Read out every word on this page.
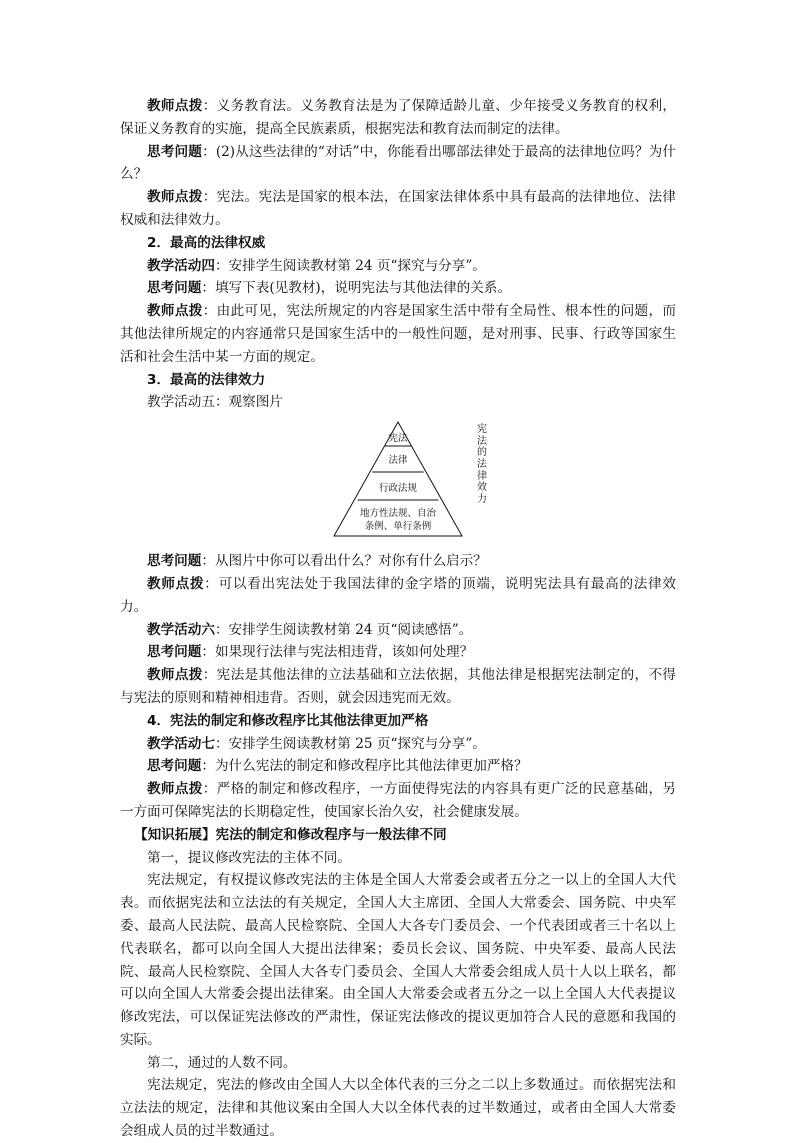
教师点拨：义务教育法。义务教育法是为了保障适龄儿童、少年接受义务教育的权利，保证义务教育的实施，提高全民族素质，根据宪法和教育法而制定的法律。

思考问题：(2)从这些法律的“对话”中，你能看出哪部法律处于最高的法律地位吗？为什么？

教师点拨：宪法。宪法是国家的根本法，在国家法律体系中具有最高的法律地位、法律权威和法律效力。

2．最高的法律权威

教学活动四：安排学生阅读教材第 24 页“探究与分享”。

思考问题：填写下表(见教材)，说明宪法与其他法律的关系。

教师点拨：由此可见，宪法所规定的内容是国家生活中带有全局性、根本性的问题，而其他法律所规定的内容通常只是国家生活中的一般性问题，是对刑事、民事、行政等国家生活和社会生活中某一方面的规定。

3．最高的法律效力

教学活动五：观察图片

宪法
法律
行政法规
地方性法规、自治
条例、单行条例
宪
法
的
法
律
效
力

思考问题：从图片中你可以看出什么？对你有什么启示？

教师点拨：可以看出宪法处于我国法律的金字塔的顶端，说明宪法具有最高的法律效力。

教学活动六：安排学生阅读教材第 24 页“阅读感悟”。

思考问题：如果现行法律与宪法相违背，该如何处理？

教师点拨：宪法是其他法律的立法基础和立法依据，其他法律是根据宪法制定的，不得与宪法的原则和精神相违背。否则，就会因违宪而无效。

4．宪法的制定和修改程序比其他法律更加严格

教学活动七：安排学生阅读教材第 25 页“探究与分享”。

思考问题：为什么宪法的制定和修改程序比其他法律更加严格？

教师点拨：严格的制定和修改程序，一方面使得宪法的内容具有更广泛的民意基础，另一方面可保障宪法的长期稳定性，使国家长治久安，社会健康发展。

【知识拓展】宪法的制定和修改程序与一般法律不同

第一，提议修改宪法的主体不同。

宪法规定，有权提议修改宪法的主体是全国人大常委会或者五分之一以上的全国人大代表。而依据宪法和立法法的有关规定，全国人大主席团、全国人大常委会、国务院、中央军委、最高人民法院、最高人民检察院、全国人大各专门委员会、一个代表团或者三十名以上代表联名，都可以向全国人大提出法律案；委员长会议、国务院、中央军委、最高人民法院、最高人民检察院、全国人大各专门委员会、全国人大常委会组成人员十人以上联名，都可以向全国人大常委会提出法律案。由全国人大常委会或者五分之一以上全国人大代表提议修改宪法，可以保证宪法修改的严肃性，保证宪法修改的提议更加符合人民的意愿和我国的实际。

第二，通过的人数不同。

宪法规定，宪法的修改由全国人大以全体代表的三分之二以上多数通过。而依据宪法和立法法的规定，法律和其他议案由全国人大以全体代表的过半数通过，或者由全国人大常委会组成人员的过半数通过。
